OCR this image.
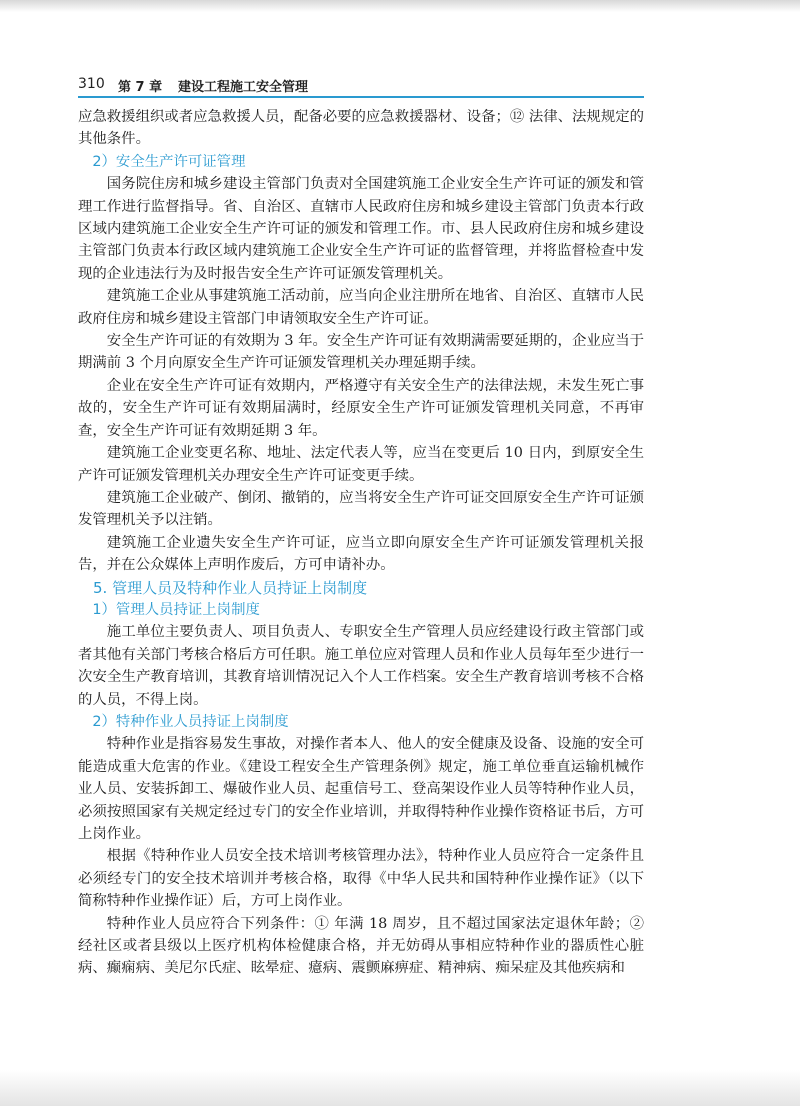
310 第 7 章 建设工程施工安全管理

应急救援组织或者应急救援人员，配备必要的应急救援器材、设备；⑫ 法律、法规规定的其他条件。

2）安全生产许可证管理

国务院住房和城乡建设主管部门负责对全国建筑施工企业安全生产许可证的颁发和管理工作进行监督指导。省、自治区、直辖市人民政府住房和城乡建设主管部门负责本行政区域内建筑施工企业安全生产许可证的颁发和管理工作。市、县人民政府住房和城乡建设主管部门负责本行政区域内建筑施工企业安全生产许可证的监督管理，并将监督检查中发现的企业违法行为及时报告安全生产许可证颁发管理机关。

建筑施工企业从事建筑施工活动前，应当向企业注册所在地省、自治区、直辖市人民政府住房和城乡建设主管部门申请领取安全生产许可证。

安全生产许可证的有效期为 3 年。安全生产许可证有效期满需要延期的，企业应当于期满前 3 个月向原安全生产许可证颁发管理机关办理延期手续。

企业在安全生产许可证有效期内，严格遵守有关安全生产的法律法规，未发生死亡事故的，安全生产许可证有效期届满时，经原安全生产许可证颁发管理机关同意，不再审查，安全生产许可证有效期延期 3 年。

建筑施工企业变更名称、地址、法定代表人等，应当在变更后 10 日内，到原安全生产许可证颁发管理机关办理安全生产许可证变更手续。

建筑施工企业破产、倒闭、撤销的，应当将安全生产许可证交回原安全生产许可证颁发管理机关予以注销。

建筑施工企业遗失安全生产许可证，应当立即向原安全生产许可证颁发管理机关报告，并在公众媒体上声明作废后，方可申请补办。

5. 管理人员及特种作业人员持证上岗制度

1）管理人员持证上岗制度

施工单位主要负责人、项目负责人、专职安全生产管理人员应经建设行政主管部门或者其他有关部门考核合格后方可任职。施工单位应对管理人员和作业人员每年至少进行一次安全生产教育培训，其教育培训情况记入个人工作档案。安全生产教育培训考核不合格的人员，不得上岗。

2）特种作业人员持证上岗制度

特种作业是指容易发生事故，对操作者本人、他人的安全健康及设备、设施的安全可能造成重大危害的作业。《建设工程安全生产管理条例》规定，施工单位垂直运输机械作业人员、安装拆卸工、爆破作业人员、起重信号工、登高架设作业人员等特种作业人员，必须按照国家有关规定经过专门的安全作业培训，并取得特种作业操作资格证书后，方可上岗作业。

根据《特种作业人员安全技术培训考核管理办法》，特种作业人员应符合一定条件且必须经专门的安全技术培训并考核合格，取得《中华人民共和国特种作业操作证》（以下简称特种作业操作证）后，方可上岗作业。

特种作业人员应符合下列条件：① 年满 18 周岁，且不超过国家法定退休年龄；② 经社区或者县级以上医疗机构体检健康合格，并无妨碍从事相应特种作业的器质性心脏病、癫痫病、美尼尔氏症、眩晕症、癔病、震颤麻痹症、精神病、痴呆症及其他疾病和
